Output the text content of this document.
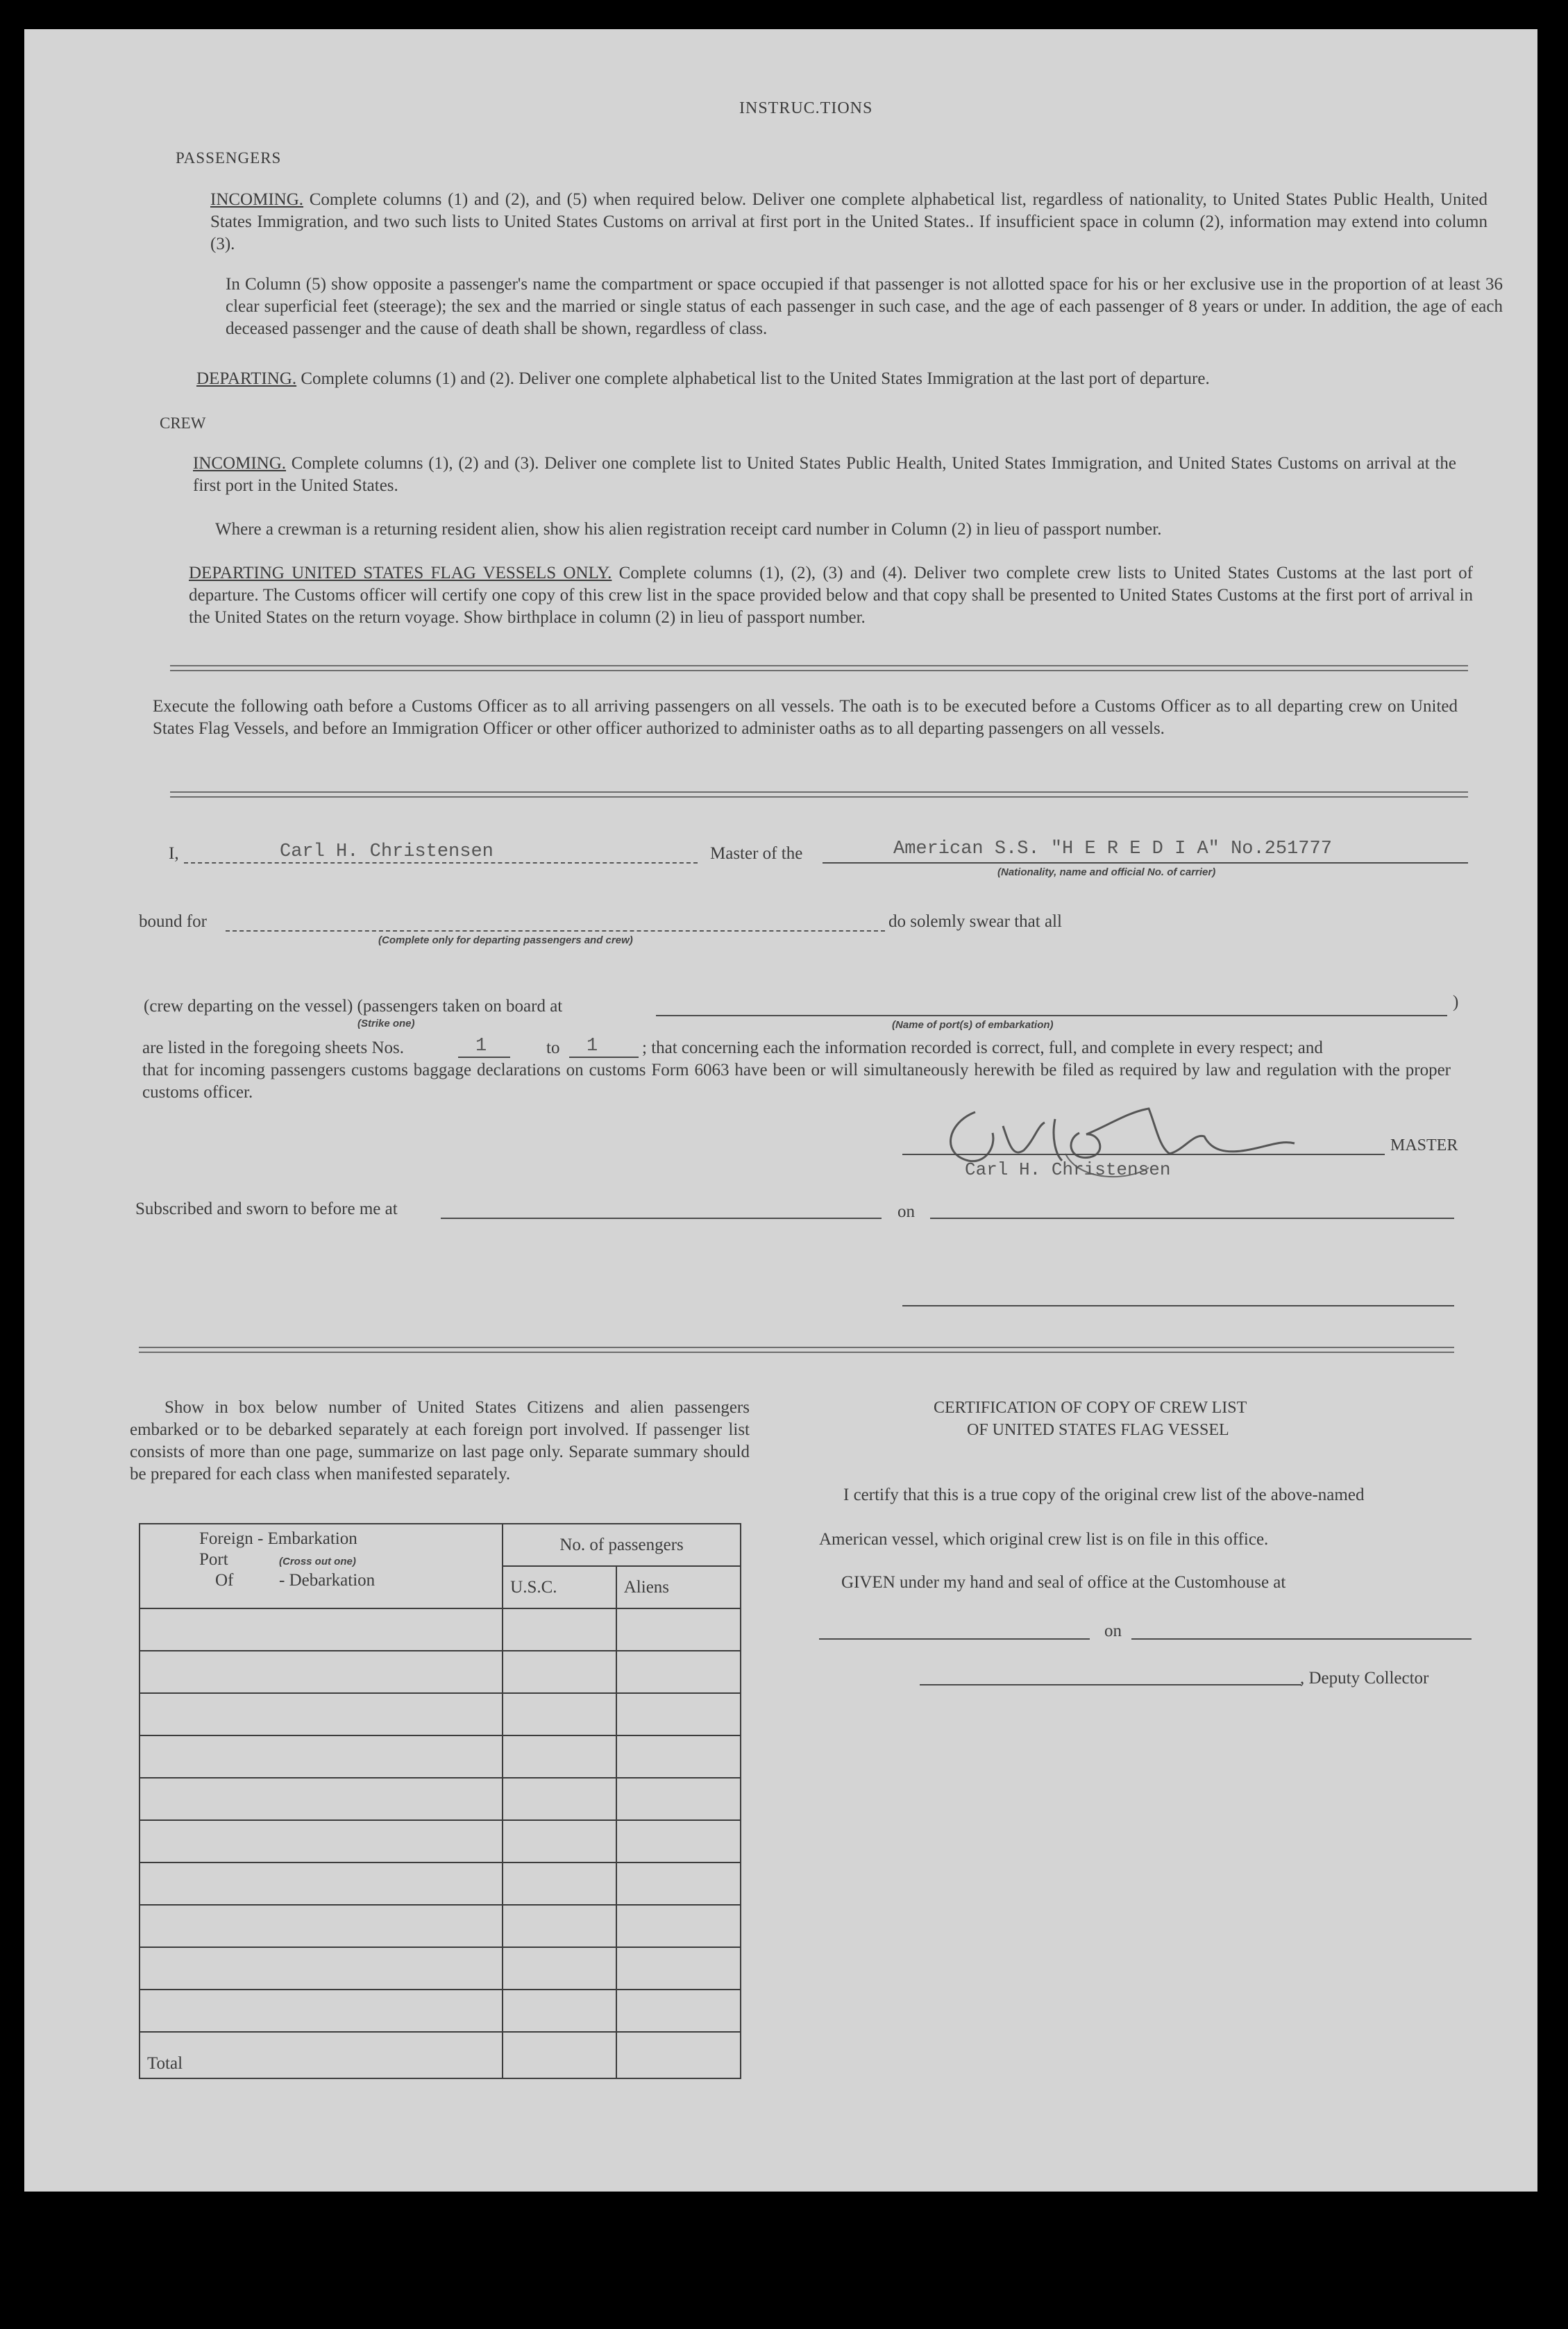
INSTRUC.TIONS
PASSENGERS
INCOMING. Complete columns (1) and (2), and (5) when required below. Deliver one complete alphabetical list, regardless of nationality, to United States Public Health, United States Immigration, and two such lists to United States Customs on arrival at first port in the United States.. If insufficient space in column (2), information may extend into column (3).
In Column (5) show opposite a passenger's name the compartment or space occupied if that passenger is not allotted space for his or her exclusive use in the proportion of at least 36 clear superficial feet (steerage); the sex and the married or single status of each passenger in such case, and the age of each passenger of 8 years or under. In addition, the age of each deceased passenger and the cause of death shall be shown, regardless of class.
DEPARTING. Complete columns (1) and (2). Deliver one complete alphabetical list to the United States Immigration at the last port of departure.
CREW
INCOMING. Complete columns (1), (2) and (3). Deliver one complete list to United States Public Health, United States Immigration, and United States Customs on arrival at the first port in the United States.
Where a crewman is a returning resident alien, show his alien registration receipt card number in Column (2) in lieu of passport number.
DEPARTING UNITED STATES FLAG VESSELS ONLY. Complete columns (1), (2), (3) and (4). Deliver two complete crew lists to United States Customs at the last port of departure. The Customs officer will certify one copy of this crew list in the space provided below and that copy shall be presented to United States Customs at the first port of arrival in the United States on the return voyage. Show birthplace in column (2) in lieu of passport number.
Execute the following oath before a Customs Officer as to all arriving passengers on all vessels. The oath is to be executed before a Customs Officer as to all departing crew on United States Flag Vessels, and before an Immigration Officer or other officer authorized to administer oaths as to all departing passengers on all vessels.
I,	Carl H. Christensen	Master of the	American S.S. "H E R E D I A" No.251777
(Nationality, name and official No. of carrier)
bound for
(Complete only for departing passengers and crew)
do solemly swear that all
(crew departing on the vessel) (passengers taken on board at
(Strike one)
)
(Name of port(s) of embarkation)
are listed in the foregoing sheets Nos.	1	to 1	; that concerning each the information recorded is correct, full, and complete in every respect; and
that for incoming passengers customs baggage declarations on customs Form 6063 have been or will simultaneously herewith be filed as required by law and regulation with the proper customs officer.
MASTER
Carl H. Christensen
Subscribed and sworn to before me at	on
Show in box below number of United States Citizens and alien passengers embarked or to be debarked separately at each foreign port involved. If passenger list consists of more than one page, summarize on last page only. Separate summary should be prepared for each class when manifested separately.
Foreign - Embarkation
Port (Cross out one)
Of - Debarkation	No. of passengers	
	U.S.C.	Aliens

Total		
CERTIFICATION OF COPY OF CREW LIST
OF UNITED STATES FLAG VESSEL
I certify that this is a true copy of the original crew list of the above-named
American vessel, which original crew list is on file in this office.
GIVEN under my hand and seal of office at the Customhouse at
on
, Deputy Collector
